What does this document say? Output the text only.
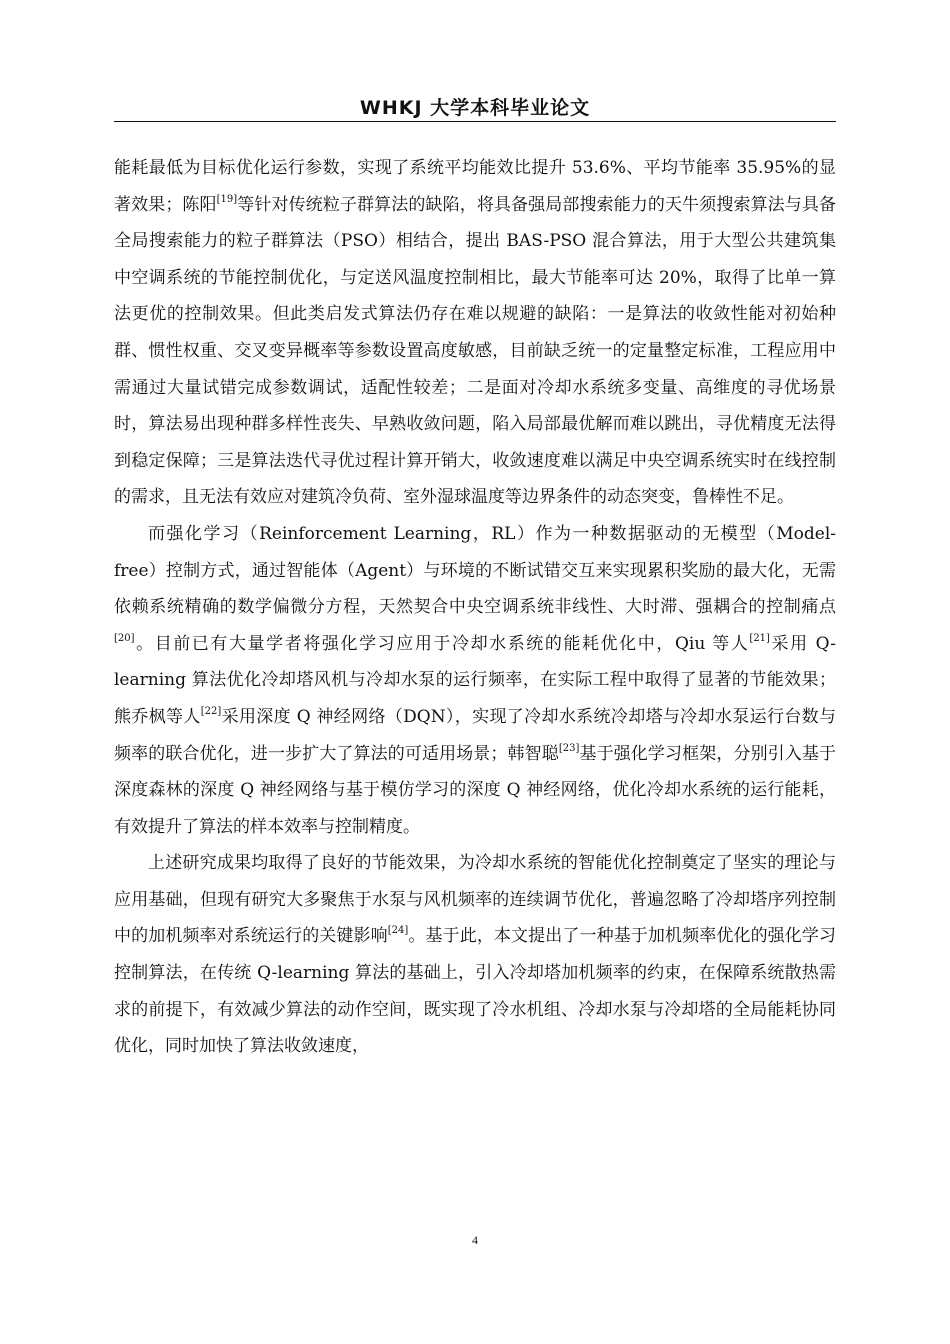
WHKJ 大学本科毕业论文

能耗最低为目标优化运行参数，实现了系统平均能效比提升 53.6%、平均节能率 35.95%的显著效果；陈阳[19]等针对传统粒子群算法的缺陷，将具备强局部搜索能力的天牛须搜索算法与具备全局搜索能力的粒子群算法（PSO）相结合，提出 BAS-PSO 混合算法，用于大型公共建筑集中空调系统的节能控制优化，与定送风温度控制相比，最大节能率可达 20%，取得了比单一算法更优的控制效果。但此类启发式算法仍存在难以规避的缺陷：一是算法的收敛性能对初始种群、惯性权重、交叉变异概率等参数设置高度敏感，目前缺乏统一的定量整定标准，工程应用中需通过大量试错完成参数调试，适配性较差；二是面对冷却水系统多变量、高维度的寻优场景时，算法易出现种群多样性丧失、早熟收敛问题，陷入局部最优解而难以跳出，寻优精度无法得到稳定保障；三是算法迭代寻优过程计算开销大，收敛速度难以满足中央空调系统实时在线控制的需求，且无法有效应对建筑冷负荷、室外湿球温度等边界条件的动态突变，鲁棒性不足。

而强化学习（Reinforcement Learning，RL）作为一种数据驱动的无模型（Model-free）控制方式，通过智能体（Agent）与环境的不断试错交互来实现累积奖励的最大化，无需依赖系统精确的数学偏微分方程，天然契合中央空调系统非线性、大时滞、强耦合的控制痛点[20]。目前已有大量学者将强化学习应用于冷却水系统的能耗优化中，Qiu 等人[21]采用 Q-learning 算法优化冷却塔风机与冷却水泵的运行频率，在实际工程中取得了显著的节能效果；熊乔枫等人[22]采用深度 Q 神经网络（DQN），实现了冷却水系统冷却塔与冷却水泵运行台数与频率的联合优化，进一步扩大了算法的可适用场景；韩智聪[23]基于强化学习框架，分别引入基于深度森林的深度 Q 神经网络与基于模仿学习的深度 Q 神经网络，优化冷却水系统的运行能耗，有效提升了算法的样本效率与控制精度。

上述研究成果均取得了良好的节能效果，为冷却水系统的智能优化控制奠定了坚实的理论与应用基础，但现有研究大多聚焦于水泵与风机频率的连续调节优化，普遍忽略了冷却塔序列控制中的加机频率对系统运行的关键影响[24]。基于此，本文提出了一种基于加机频率优化的强化学习控制算法，在传统 Q-learning 算法的基础上，引入冷却塔加机频率的约束，在保障系统散热需求的前提下，有效减少算法的动作空间，既实现了冷水机组、冷却水泵与冷却塔的全局能耗协同优化，同时加快了算法收敛速度，

4
